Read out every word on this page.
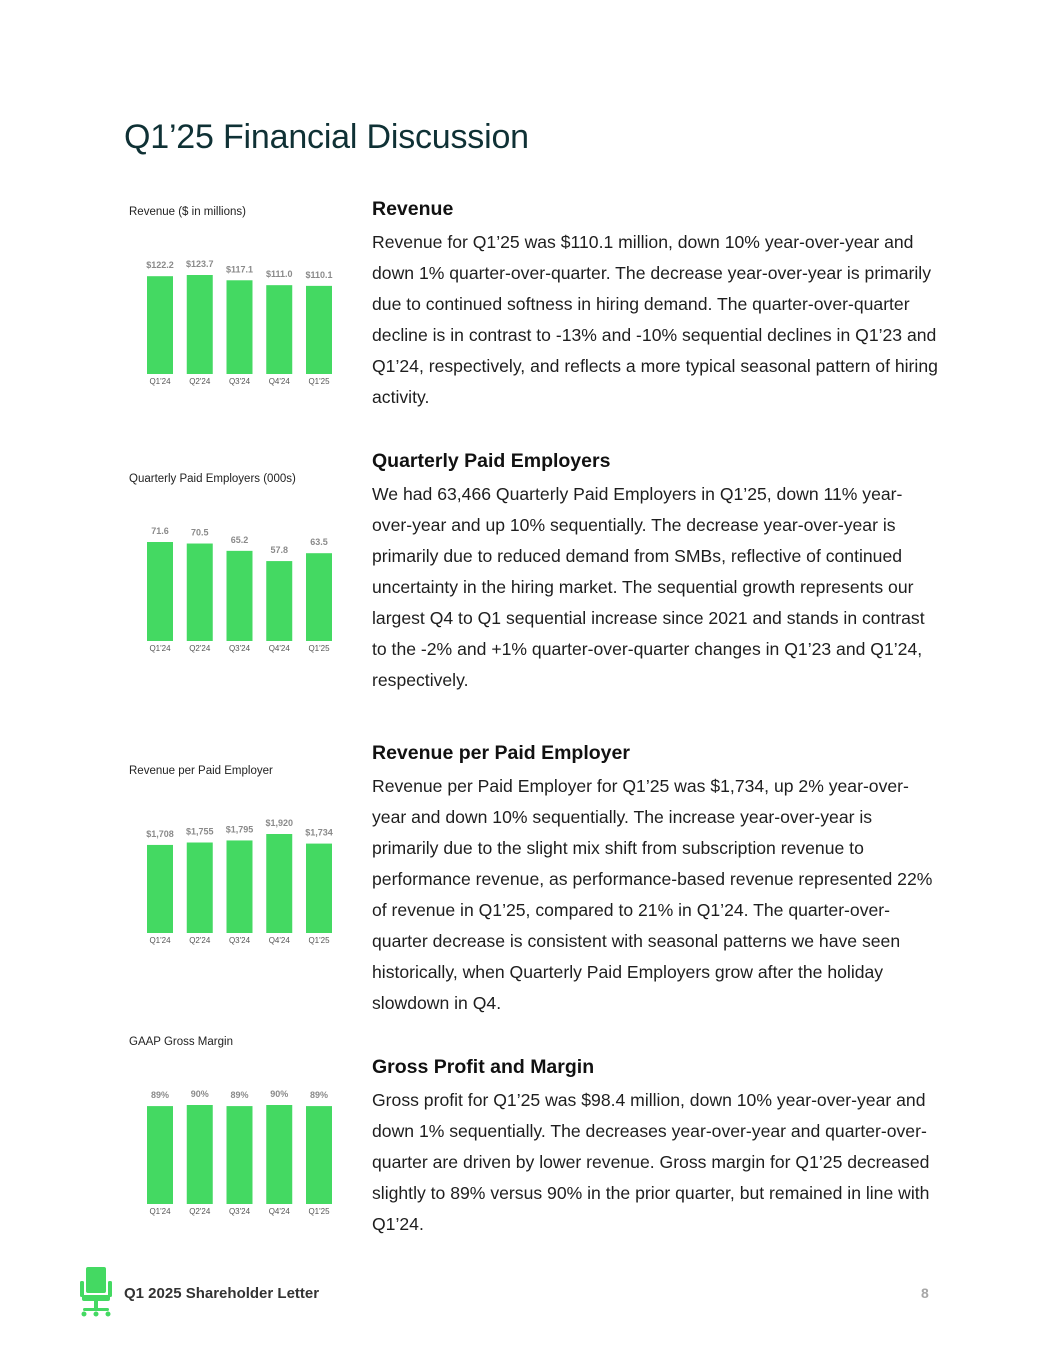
Q1’25 Financial Discussion
Revenue ($ in millions)
$122.2
Q1'24
$123.7
Q2'24
$117.1
Q3'24
$111.0
Q4'24
$110.1
Q1'25
Quarterly Paid Employers (000s)
71.6
Q1'24
70.5
Q2'24
65.2
Q3'24
57.8
Q4'24
63.5
Q1'25
Revenue per Paid Employer
$1,708
Q1'24
$1,755
Q2'24
$1,795
Q3'24
$1,920
Q4'24
$1,734
Q1'25
GAAP Gross Margin
89%
Q1'24
90%
Q2'24
89%
Q3'24
90%
Q4'24
89%
Q1'25
Revenue

Revenue for Q1’25 was $110.1 million, down 10% year-over-year and down 1% quarter-over-quarter. The decrease year-over-year is primarily due to continued softness in hiring demand. The quarter-over-quarter decline is in contrast to -13% and -10% sequential declines in Q1’23 and Q1’24, respectively, and reflects a more typical seasonal pattern of hiring activity.

Quarterly Paid Employers

We had 63,466 Quarterly Paid Employers in Q1’25, down 11% year-over-year and up 10% sequentially. The decrease year-over-year is primarily due to reduced demand from SMBs, reflective of continued uncertainty in the hiring market. The sequential growth represents our largest Q4 to Q1 sequential increase since 2021 and stands in contrast to the -2% and +1% quarter-over-quarter changes in Q1’23 and Q1’24, respectively.

Revenue per Paid Employer

Revenue per Paid Employer for Q1’25 was $1,734, up 2% year-over-year and down 10% sequentially. The increase year-over-year is primarily due to the slight mix shift from subscription revenue to performance revenue, as performance-based revenue represented 22% of revenue in Q1’25, compared to 21% in Q1’24. The quarter-over-quarter decrease is consistent with seasonal patterns we have seen historically, when Quarterly Paid Employers grow after the holiday slowdown in Q4.

Gross Profit and Margin

Gross profit for Q1’25 was $98.4 million, down 10% year-over-year and down 1% sequentially. The decreases year-over-year and quarter-over-quarter are driven by lower revenue. Gross margin for Q1’25 decreased slightly to 89% versus 90% in the prior quarter, but remained in line with Q1’24.

Q1 2025 Shareholder Letter	8
